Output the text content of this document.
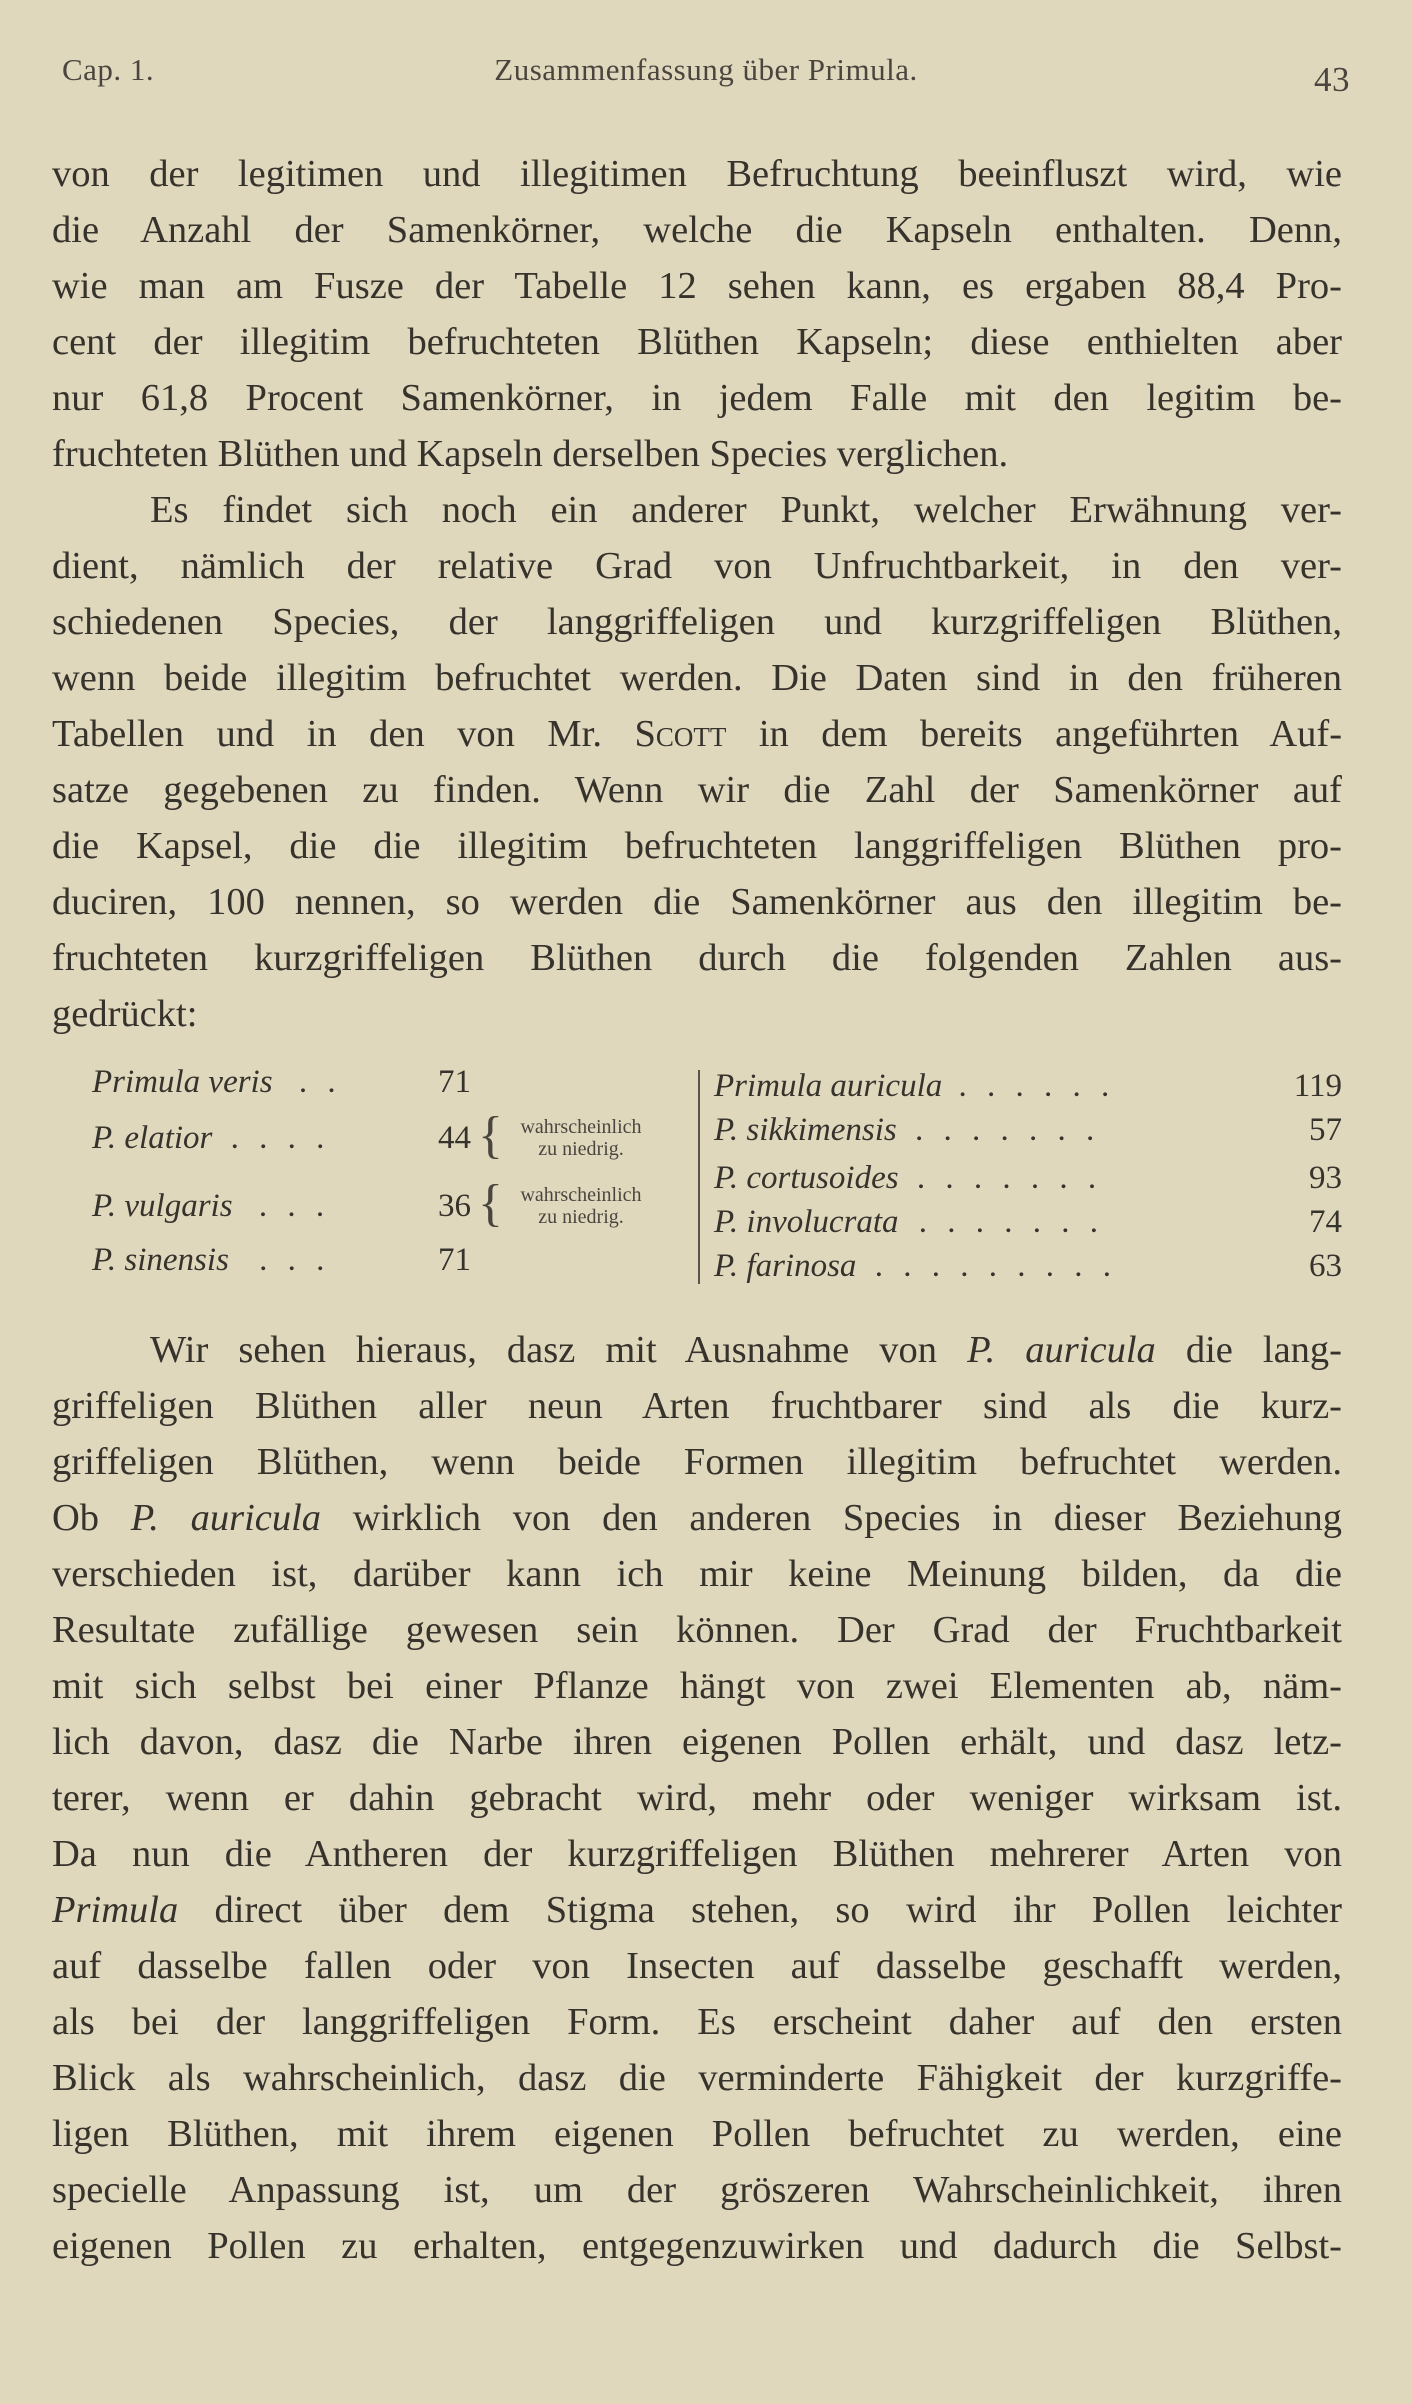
Cap. 1.	Zusammenfassung über Primula.	43
von der legitimen und illegitimen Befruchtung beeinfluszt wird, wie
die Anzahl der Samenkörner, welche die Kapseln enthalten. Denn,
wie man am Fusze der Tabelle 12 sehen kann, es ergaben 88,4 Pro-
cent der illegitim befruchteten Blüthen Kapseln; diese enthielten aber
nur 61,8 Procent Samenkörner, in jedem Falle mit den legitim be-
fruchteten Blüthen und Kapseln derselben Species verglichen.
Es findet sich noch ein anderer Punkt, welcher Erwähnung ver-
dient, nämlich der relative Grad von Unfruchtbarkeit, in den ver-
schiedenen Species, der langgriffeligen und kurzgriffeligen Blüthen,
wenn beide illegitim befruchtet werden. Die Daten sind in den früheren
Tabellen und in den von Mr. Scott in dem bereits angeführten Auf-
satze gegebenen zu finden. Wenn wir die Zahl der Samenkörner auf
die Kapsel, die die illegitim befruchteten langgriffeligen Blüthen pro-
duciren, 100 nennen, so werden die Samenkörner aus den illegitim be-
fruchteten kurzgriffeligen Blüthen durch die folgenden Zahlen aus-
gedrückt:
Primula veris . .	71
P. elatior . . . .	44 { wahrscheinlich
zu niedrig.
P. vulgaris . . .	36 { wahrscheinlich
zu niedrig.
P. sinensis . . .	71
Primula auricula . . . . . .	119
P. sikkimensis . . . . . . .	57
P. cortusoides . . . . . . .	93
P. involucrata . . . . . . .	74
P. farinosa . . . . . . . . .	63
Wir sehen hieraus, dasz mit Ausnahme von P. auricula die lang-
griffeligen Blüthen aller neun Arten fruchtbarer sind als die kurz-
griffeligen Blüthen, wenn beide Formen illegitim befruchtet werden.
Ob P. auricula wirklich von den anderen Species in dieser Beziehung
verschieden ist, darüber kann ich mir keine Meinung bilden, da die
Resultate zufällige gewesen sein können. Der Grad der Fruchtbarkeit
mit sich selbst bei einer Pflanze hängt von zwei Elementen ab, näm-
lich davon, dasz die Narbe ihren eigenen Pollen erhält, und dasz letz-
terer, wenn er dahin gebracht wird, mehr oder weniger wirksam ist.
Da nun die Antheren der kurzgriffeligen Blüthen mehrerer Arten von
Primula direct über dem Stigma stehen, so wird ihr Pollen leichter
auf dasselbe fallen oder von Insecten auf dasselbe geschafft werden,
als bei der langgriffeligen Form. Es erscheint daher auf den ersten
Blick als wahrscheinlich, dasz die verminderte Fähigkeit der kurzgriffe-
ligen Blüthen, mit ihrem eigenen Pollen befruchtet zu werden, eine
specielle Anpassung ist, um der gröszeren Wahrscheinlichkeit, ihren
eigenen Pollen zu erhalten, entgegenzuwirken und dadurch die Selbst-
